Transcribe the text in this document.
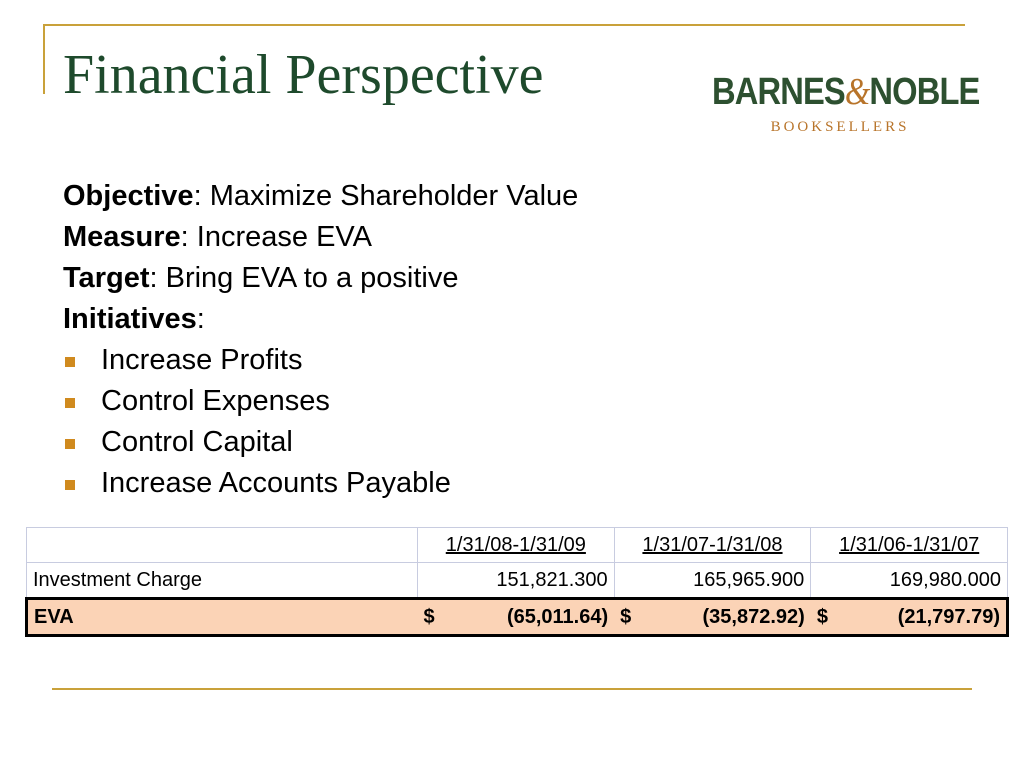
Financial Perspective	BARNES&NOBLE
BOOKSELLERS
Objective: Maximize Shareholder Value
Measure: Increase EVA
Target: Bring EVA to a positive
Initiatives:
Increase Profits
Control Expenses
Control Capital
Increase Accounts Payable
	1/31/08-1/31/09	1/31/07-1/31/08	1/31/06-1/31/07
Investment Charge	151,821.300	165,965.900	169,980.000
EVA	$ (65,011.64)	$ (35,872.92)	$ (21,797.79)
